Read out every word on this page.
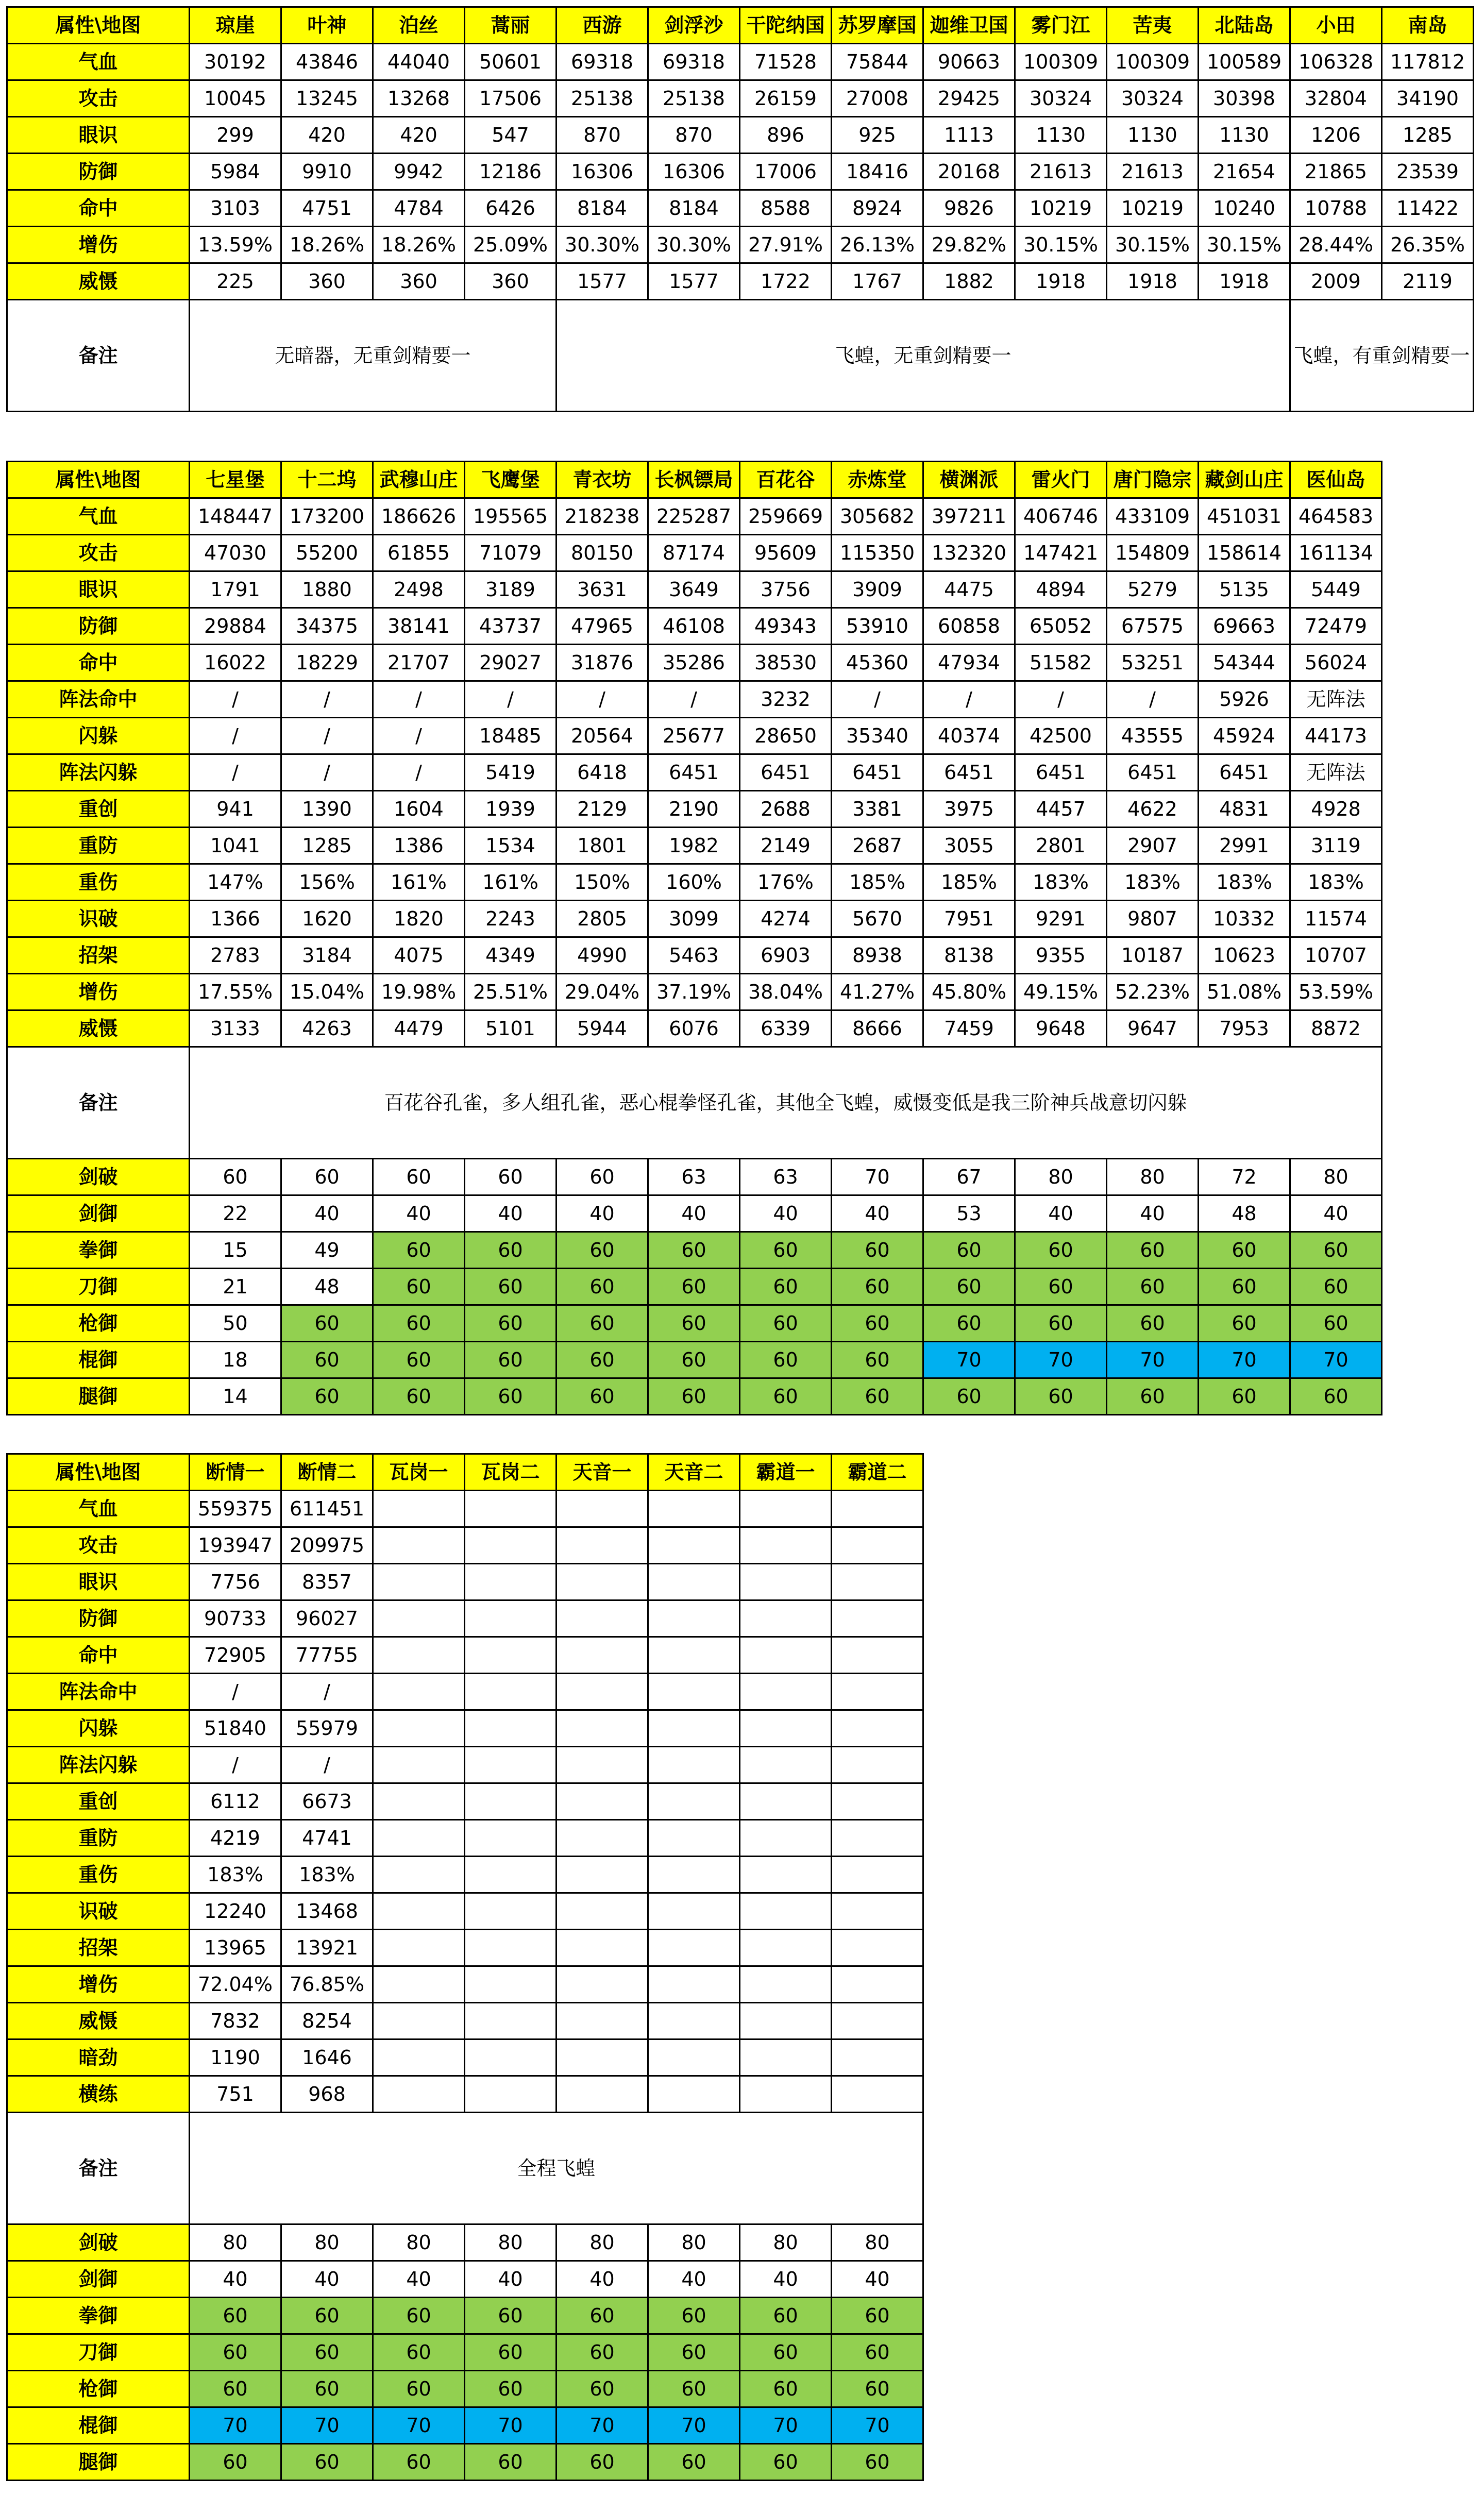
属性\地图	琼崖	叶神	泊丝	蒿丽	西游	剑浮沙	干陀纳国	苏罗摩国	迦维卫国	雾门江	苦夷	北陆岛	小田	南岛
气血	30192	43846	44040	50601	69318	69318	71528	75844	90663	100309	100309	100589	106328	117812
攻击	10045	13245	13268	17506	25138	25138	26159	27008	29425	30324	30324	30398	32804	34190
眼识	299	420	420	547	870	870	896	925	1113	1130	1130	1130	1206	1285
防御	5984	9910	9942	12186	16306	16306	17006	18416	20168	21613	21613	21654	21865	23539
命中	3103	4751	4784	6426	8184	8184	8588	8924	9826	10219	10219	10240	10788	11422
增伤	13.59%	18.26%	18.26%	25.09%	30.30%	30.30%	27.91%	26.13%	29.82%	30.15%	30.15%	30.15%	28.44%	26.35%
威慑	225	360	360	360	1577	1577	1722	1767	1882	1918	1918	1918	2009	2119
备注	无暗器，无重剑精要一				飞蝗，无重剑精要一								飞蝗，有重剑精要一	
属性\地图	七星堡	十二坞	武穆山庄	飞鹰堡	青衣坊	长枫镖局	百花谷	赤炼堂	横渊派	雷火门	唐门隐宗	藏剑山庄	医仙岛
气血	148447	173200	186626	195565	218238	225287	259669	305682	397211	406746	433109	451031	464583
攻击	47030	55200	61855	71079	80150	87174	95609	115350	132320	147421	154809	158614	161134
眼识	1791	1880	2498	3189	3631	3649	3756	3909	4475	4894	5279	5135	5449
防御	29884	34375	38141	43737	47965	46108	49343	53910	60858	65052	67575	69663	72479
命中	16022	18229	21707	29027	31876	35286	38530	45360	47934	51582	53251	54344	56024
阵法命中	/	/	/	/	/	/	3232	/	/	/	/	5926	无阵法
闪躲	/	/	/	18485	20564	25677	28650	35340	40374	42500	43555	45924	44173
阵法闪躲	/	/	/	5419	6418	6451	6451	6451	6451	6451	6451	6451	无阵法
重创	941	1390	1604	1939	2129	2190	2688	3381	3975	4457	4622	4831	4928
重防	1041	1285	1386	1534	1801	1982	2149	2687	3055	2801	2907	2991	3119
重伤	147%	156%	161%	161%	150%	160%	176%	185%	185%	183%	183%	183%	183%
识破	1366	1620	1820	2243	2805	3099	4274	5670	7951	9291	9807	10332	11574
招架	2783	3184	4075	4349	4990	5463	6903	8938	8138	9355	10187	10623	10707
增伤	17.55%	15.04%	19.98%	25.51%	29.04%	37.19%	38.04%	41.27%	45.80%	49.15%	52.23%	51.08%	53.59%
威慑	3133	4263	4479	5101	5944	6076	6339	8666	7459	9648	9647	7953	8872
备注	百花谷孔雀，多人组孔雀，恶心棍拳怪孔雀，其他全飞蝗，威慑变低是我三阶神兵战意切闪躲												
剑破	60	60	60	60	60	63	63	70	67	80	80	72	80
剑御	22	40	40	40	40	40	40	40	53	40	40	48	40
拳御	15	49	60	60	60	60	60	60	60	60	60	60	60
刀御	21	48	60	60	60	60	60	60	60	60	60	60	60
枪御	50	60	60	60	60	60	60	60	60	60	60	60	60
棍御	18	60	60	60	60	60	60	60	70	70	70	70	70
腿御	14	60	60	60	60	60	60	60	60	60	60	60	60
属性\地图	断情一	断情二	瓦岗一	瓦岗二	天音一	天音二	霸道一	霸道二
气血	559375	611451						
攻击	193947	209975						
眼识	7756	8357						
防御	90733	96027						
命中	72905	77755						
阵法命中	/	/						
闪躲	51840	55979						
阵法闪躲	/	/						
重创	6112	6673						
重防	4219	4741						
重伤	183%	183%						
识破	12240	13468						
招架	13965	13921						
增伤	72.04%	76.85%						
威慑	7832	8254						
暗劲	1190	1646						
横练	751	968						
备注	全程飞蝗							
剑破	80	80	80	80	80	80	80	80
剑御	40	40	40	40	40	40	40	40
拳御	60	60	60	60	60	60	60	60
刀御	60	60	60	60	60	60	60	60
枪御	60	60	60	60	60	60	60	60
棍御	70	70	70	70	70	70	70	70
腿御	60	60	60	60	60	60	60	60
